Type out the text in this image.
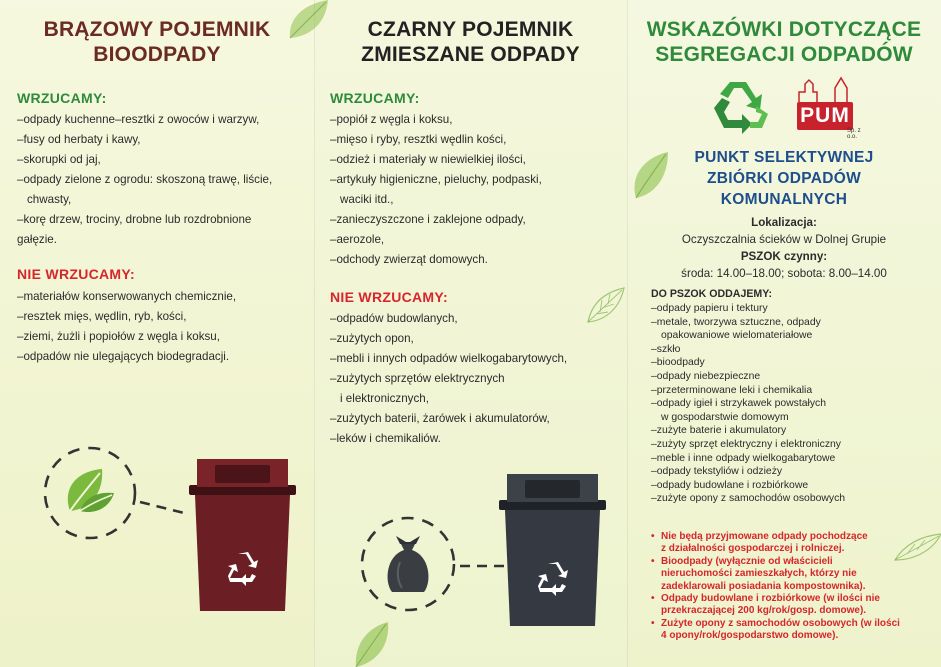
BRĄZOWY POJEMNIK
BIOODPADY
WRZUCAMY:
–odpady kuchenne–resztki z owoców i warzyw,
–fusy od herbaty i kawy,
–skorupki od jaj,
–odpady zielone z ogrodu: skoszoną trawę, liście,
chwasty,
–korę drzew, trociny, drobne lub rozdrobnione
gałęzie.
NIE WRZUCAMY:
–materiałów konserwowanych chemicznie,
–resztek mięs, wędlin, ryb, kości,
–ziemi, żużli i popiołów z węgla i koksu,
–odpadów nie ulegających biodegradacji.
CZARNY POJEMNIK
ZMIESZANE ODPADY
WRZUCAMY:
–popiół z węgla i koksu,
–mięso i ryby, resztki wędlin kości,
–odzież i materiały w niewielkiej ilości,
–artykuły higieniczne, pieluchy, podpaski,
waciki itd.,
–zanieczyszczone i zaklejone odpady,
–aerozole,
–odchody zwierząt domowych.
NIE WRZUCAMY:
–odpadów budowlanych,
–zużytych opon,
–mebli i innych odpadów wielkogabarytowych,
–zużytych sprzętów elektrycznych
i elektronicznych,
–zużytych baterii, żarówek i akumulatorów,
–leków i chemikaliów.
WSKAZÓWKI DOTYCZĄCE
SEGREGACJI ODPADÓW
PUM
Sp. z o.o.
PUNKT SELEKTYWNEJ
ZBIÓRKI ODPADÓW
KOMUNALNYCH
Lokalizacja:
Oczyszczalnia ścieków w Dolnej Grupie
PSZOK czynny:
środa: 14.00–18.00; sobota: 8.00–14.00
DO PSZOK ODDAJEMY:
–odpady papieru i tektury
–metale, tworzywa sztuczne, odpady
opakowaniowe wielomateriałowe
–szkło
–bioodpady
–odpady niebezpieczne
–przeterminowane leki i chemikalia
–odpady igieł i strzykawek powstałych
w gospodarstwie domowym
–zużyte baterie i akumulatory
–zużyty sprzęt elektryczny i elektroniczny
–meble i inne odpady wielkogabarytowe
–odpady tekstyliów i odzieży
–odpady budowlane i rozbiórkowe
–zużyte opony z samochodów osobowych
• Nie będą przyjmowane odpady pochodzące
z działalności gospodarczej i rolniczej.
• Bioodpady (wyłącznie od właścicieli
nieruchomości zamieszkałych, którzy nie
zadeklarowali posiadania kompostownika).
• Odpady budowlane i rozbiórkowe (w ilości nie
przekraczającej 200 kg/rok/gosp. domowe).
• Zużyte opony z samochodów osobowych (w ilości
4 opony/rok/gospodarstwo domowe).
